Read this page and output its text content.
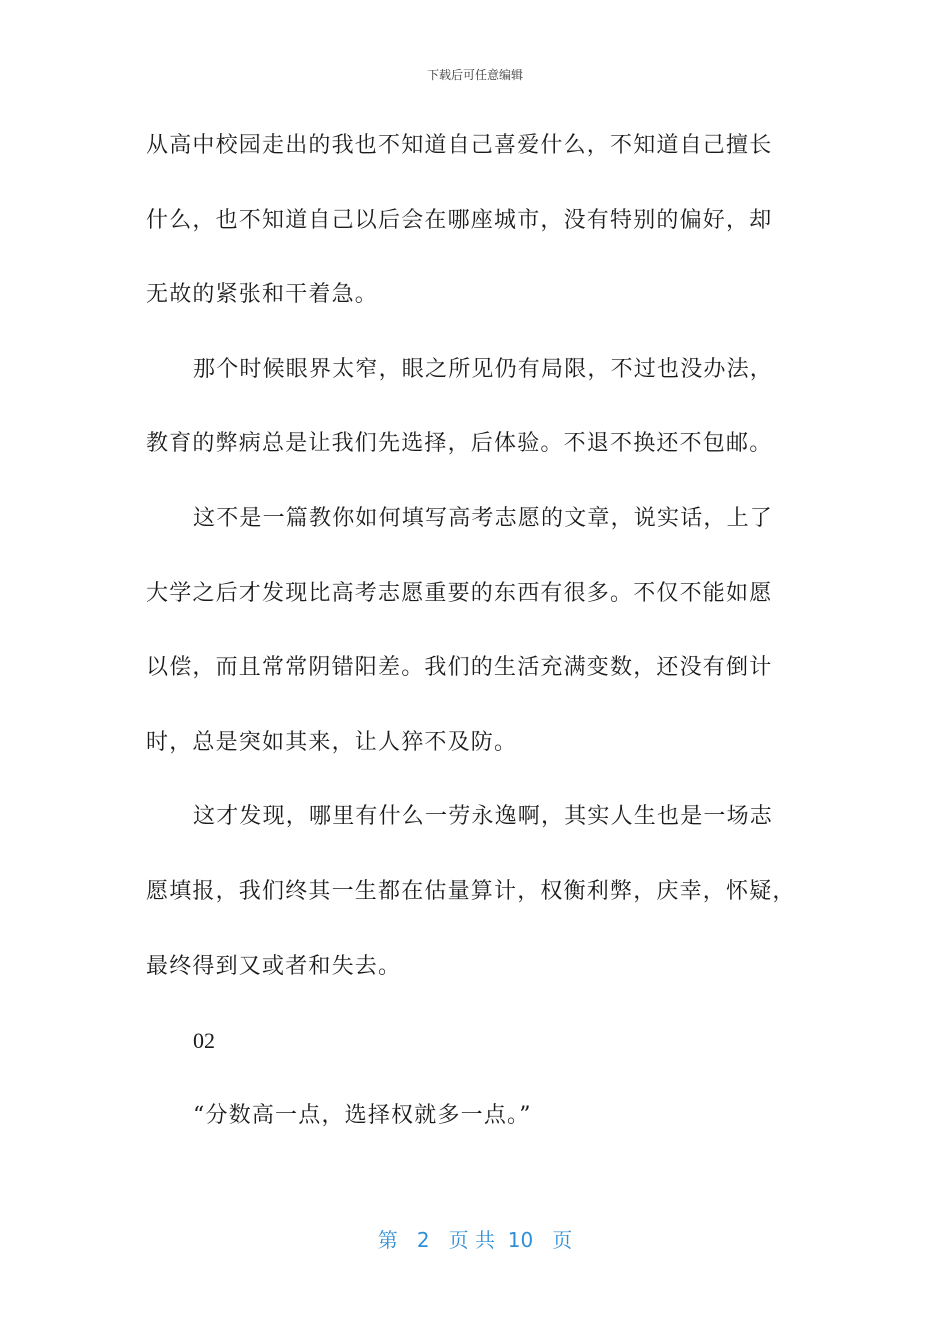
下载后可任意编辑
从高中校园走出的我也不知道自己喜爱什么，不知道自己擅长
什么，也不知道自己以后会在哪座城市，没有特别的偏好，却
无故的紧张和干着急。
那个时候眼界太窄，眼之所见仍有局限，不过也没办法，
教育的弊病总是让我们先选择，后体验。不退不换还不包邮。
这不是一篇教你如何填写高考志愿的文章，说实话，上了
大学之后才发现比高考志愿重要的东西有很多。不仅不能如愿
以偿，而且常常阴错阳差。我们的生活充满变数，还没有倒计
时，总是突如其来，让人猝不及防。
这才发现，哪里有什么一劳永逸啊，其实人生也是一场志
愿填报，我们终其一生都在估量算计，权衡利弊，庆幸，怀疑，
最终得到又或者和失去。
02
“分数高一点，选择权就多一点。”
第 2 页 共 10 页
